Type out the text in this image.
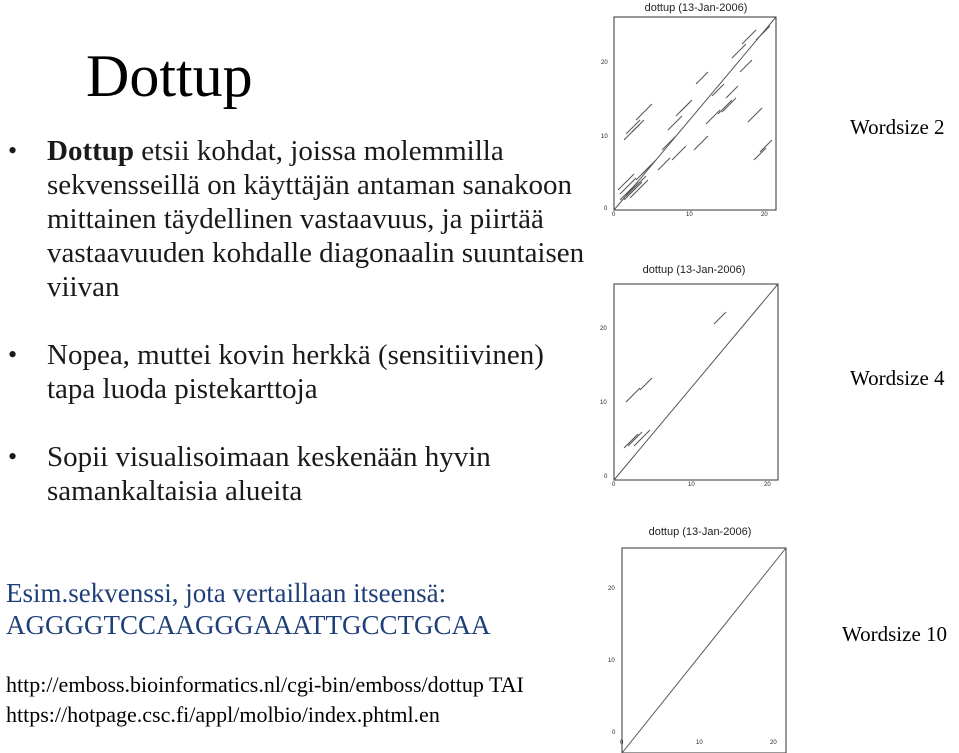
Dottup
• Dottup etsii kohdat, joissa molemmilla sekvensseillä on käyttäjän antaman sanakoon mittainen täydellinen vastaavuus, ja piirtää vastaavuuden kohdalle diagonaalin suuntaisen viivan
• Nopea, muttei kovin herkkä (sensitiivinen) tapa luoda pistekarttoja
• Sopii visualisoimaan keskenään hyvin samankaltaisia alueita
Esim.sekvenssi, jota vertaillaan itseensä:
AGGGGTCCAAGGGAAATTGCCTGCAA
http://emboss.bioinformatics.nl/cgi-bin/emboss/dottup TAI
https://hotpage.csc.fi/appl/molbio/index.phtml.en
dottup (13-Jan-2006)
20
10
0
0	10	20
Wordsize 2
dottup (13-Jan-2006)
20
10
0
0	10	20
Wordsize 4
dottup (13-Jan-2006)
20
10
0
0	10	20
Wordsize 10
